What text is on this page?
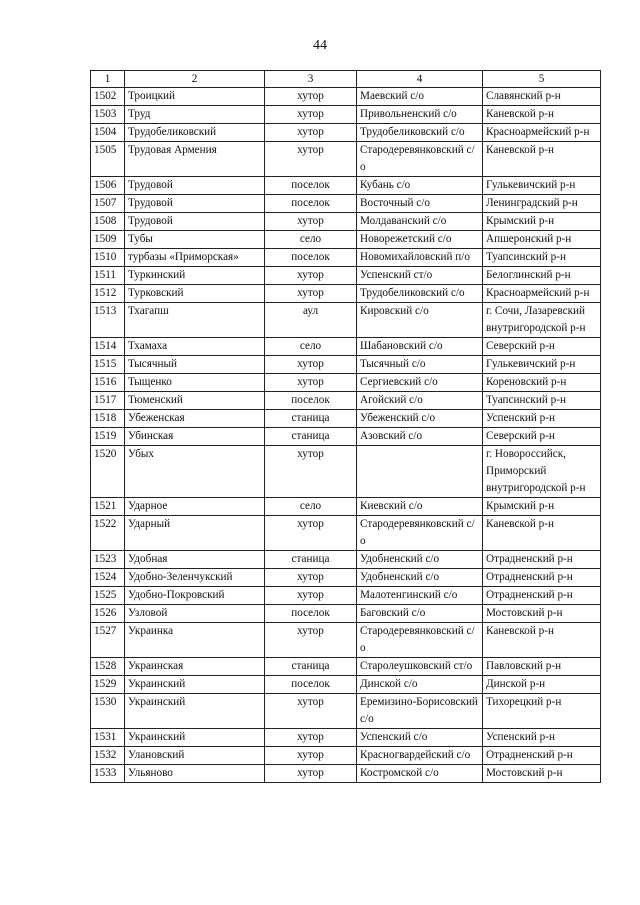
44
1	2	3	4	5
1502	Троицкий	хутор	Маевский с/о	Славянский р-н
1503	Труд	хутор	Привольненский с/о	Каневской р-н
1504	Трудобеликовский	хутор	Трудобеликовский с/о	Красноармейский р-н
1505	Трудовая Армения	хутор	Стародеревянковский с/о	Каневской р-н
1506	Трудовой	поселок	Кубань с/о	Гулькевичский р-н
1507	Трудовой	поселок	Восточный с/о	Ленинградский р-н
1508	Трудовой	хутор	Молдаванский с/о	Крымский р-н
1509	Тубы	село	Новорежетский с/о	Апшеронский р-н
1510	турбазы «Приморская»	поселок	Новомихайловский п/о	Туапсинский р-н
1511	Туркинский	хутор	Успенский ст/о	Белоглинский р-н
1512	Турковский	хутор	Трудобеликовский с/о	Красноармейский р-н
1513	Тхагапш	аул	Кировский с/о	г. Сочи, Лазаревский внутригородской р-н
1514	Тхамаха	село	Шабановский с/о	Северский р-н
1515	Тысячный	хутор	Тысячный с/о	Гулькевичский р-н
1516	Тыщенко	хутор	Сергиевский с/о	Кореновский р-н
1517	Тюменский	поселок	Агойский с/о	Туапсинский р-н
1518	Убеженская	станица	Убеженский с/о	Успенский р-н
1519	Убинская	станица	Азовский с/о	Северский р-н
1520	Убых	хутор		г. Новороссийск, Приморский внутригородской р-н
1521	Ударное	село	Киевский с/о	Крымский р-н
1522	Ударный	хутор	Стародеревянковский с/о	Каневской р-н
1523	Удобная	станица	Удобненский с/о	Отрадненский р-н
1524	Удобно-Зеленчукский	хутор	Удобненский с/о	Отрадненский р-н
1525	Удобно-Покровский	хутор	Малотенгинский с/о	Отрадненский р-н
1526	Узловой	поселок	Баговский с/о	Мостовский р-н
1527	Украинка	хутор	Стародеревянковский с/о	Каневской р-н
1528	Украинская	станица	Старолеушковский ст/о	Павловский р-н
1529	Украинский	поселок	Динской с/о	Динской р-н
1530	Украинский	хутор	Еремизино-Борисовский с/о	Тихорецкий р-н
1531	Украинский	хутор	Успенский с/о	Успенский р-н
1532	Улановский	хутор	Красногвардейский с/о	Отрадненский р-н
1533	Ульяново	хутор	Костромской с/о	Мостовский р-н
